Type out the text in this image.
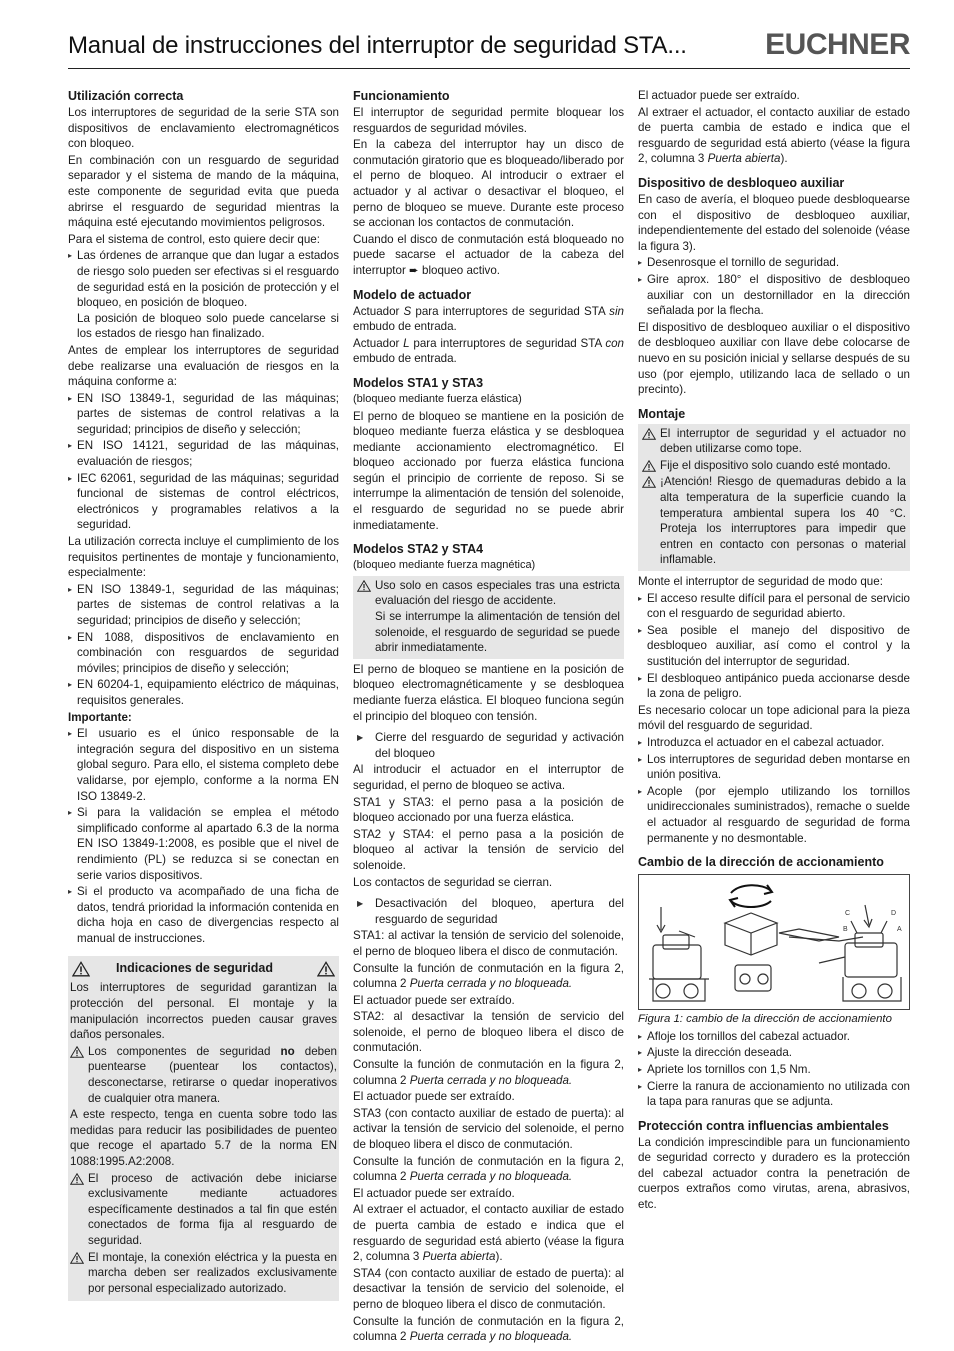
Manual de instrucciones del interruptor de seguridad STA...	EUCHNER
Utilización correcta

Los interruptores de seguridad de la serie STA son dispositivos de enclavamiento electromagnéticos con bloqueo.

En combinación con un resguardo de seguridad separador y el sistema de mando de la máquina, este componente de seguridad evita que pueda abrirse el resguardo de seguridad mientras la máquina esté ejecutando movimientos peligrosos.

Para el sistema de control, esto quiere decir que:

▸ Las órdenes de arranque que dan lugar a estados de riesgo solo pueden ser efectivas si el resguardo de seguridad está en la posición de protección y el bloqueo, en posición de bloqueo.
La posición de bloqueo solo puede cancelarse si los estados de riesgo han finalizado.

Antes de emplear los interruptores de seguridad debe realizarse una evaluación de riesgos en la máquina conforme a:

▸ EN ISO 13849-1, seguridad de las máquinas; partes de sistemas de control relativas a la seguridad; principios de diseño y selección;
▸ EN ISO 14121, seguridad de las máquinas, evaluación de riesgos;
▸ IEC 62061, seguridad de las máquinas; seguridad funcional de sistemas de control eléctricos, electrónicos y programables relativos a la seguridad.

La utilización correcta incluye el cumplimiento de los requisitos pertinentes de montaje y funcionamiento, especialmente:

▸ EN ISO 13849-1, seguridad de las máquinas; partes de sistemas de control relativas a la seguridad; principios de diseño y selección;
▸ EN 1088, dispositivos de enclavamiento en combinación con resguardos de seguridad móviles; principios de diseño y selección;
▸ EN 60204-1, equipamiento eléctrico de máquinas, requisitos generales.

Importante:

▸ El usuario es el único responsable de la integración segura del dispositivo en un sistema global seguro. Para ello, el sistema completo debe validarse, por ejemplo, conforme a la norma EN ISO 13849-2.
▸ Si para la validación se emplea el método simplificado conforme al apartado 6.3 de la norma EN ISO 13849-1:2008, es posible que el nivel de rendimiento (PL) se reduzca si se conectan en serie varios dispositivos.
▸ Si el producto va acompañado de una ficha de datos, tendrá prioridad la información contenida en dicha hoja en caso de divergencias respecto al manual de instrucciones.
Indicaciones de seguridad

Los interruptores de seguridad garantizan la protección del personal. El montaje y la manipulación incorrectos pueden causar graves daños personales.

Los componentes de seguridad no deben puentearse (puentear los contactos), desconectarse, retirarse o quedar inoperativos de cualquier otra manera.

A este respecto, tenga en cuenta sobre todo las medidas para reducir las posibilidades de puenteo que recoge el apartado 5.7 de la norma EN 1088:1995.A2:2008.

El proceso de activación debe iniciarse exclusivamente mediante actuadores específicamente destinados a tal fin que estén conectados de forma fija al resguardo de seguridad.
El montaje, la conexión eléctrica y la puesta en marcha deben ser realizados exclusivamente por personal especializado autorizado.
Funcionamiento

El interruptor de seguridad permite bloquear los resguardos de seguridad móviles.

En la cabeza del interruptor hay un disco de conmutación giratorio que es bloqueado/liberado por el perno de bloqueo. Al introducir o extraer el actuador y al activar o desactivar el bloqueo, el perno de bloqueo se mueve. Durante este proceso se accionan los contactos de conmutación.

Cuando el disco de conmutación está bloqueado no puede sacarse el actuador de la cabeza del interruptor ➨ bloqueo activo.

Modelo de actuador

Actuador S para interruptores de seguridad STA sin embudo de entrada.

Actuador L para interruptores de seguridad STA con embudo de entrada.

Modelos STA1 y STA3

(bloqueo mediante fuerza elástica)

El perno de bloqueo se mantiene en la posición de bloqueo mediante fuerza elástica y se desbloquea mediante accionamiento electromagnético. El bloqueo accionado por fuerza elástica funciona según el principio de corriente de reposo. Si se interrumpe la alimentación de tensión del solenoide, el resguardo de seguridad no se puede abrir inmediatamente.

Modelos STA2 y STA4

(bloqueo mediante fuerza magnética)

Uso solo en casos especiales tras una estricta evaluación del riesgo de accidente.
Si se interrumpe la alimentación de tensión del solenoide, el resguardo de seguridad se puede abrir inmediatamente.

El perno de bloqueo se mantiene en la posición de bloqueo electromagnéticamente y se desbloquea mediante fuerza elástica. El bloqueo funciona según el principio del bloqueo con tensión.

▶ Cierre del resguardo de seguridad y activación del bloqueo

Al introducir el actuador en el interruptor de seguridad, el perno de bloqueo se activa.

STA1 y STA3: el perno pasa a la posición de bloqueo accionado por una fuerza elástica.

STA2 y STA4: el perno pasa a la posición de bloqueo al activar la tensión de servicio del solenoide.

Los contactos de seguridad se cierran.

▶ Desactivación del bloqueo, apertura del resguardo de seguridad

STA1: al activar la tensión de servicio del solenoide, el perno de bloqueo libera el disco de conmutación.

Consulte la función de conmutación en la figura 2, columna 2 Puerta cerrada y no bloqueada.

El actuador puede ser extraído.

STA2: al desactivar la tensión de servicio del solenoide, el perno de bloqueo libera el disco de conmutación.

Consulte la función de conmutación en la figura 2, columna 2 Puerta cerrada y no bloqueada.

El actuador puede ser extraído.

STA3 (con contacto auxiliar de estado de puerta): al activar la tensión de servicio del solenoide, el perno de bloqueo libera el disco de conmutación.

Consulte la función de conmutación en la figura 2, columna 2 Puerta cerrada y no bloqueada.

El actuador puede ser extraído.

Al extraer el actuador, el contacto auxiliar de estado de puerta cambia de estado e indica que el resguardo de seguridad está abierto (véase la figura 2, columna 3 Puerta abierta).

STA4 (con contacto auxiliar de estado de puerta): al desactivar la tensión de servicio del solenoide, el perno de bloqueo libera el disco de conmutación.

Consulte la función de conmutación en la figura 2, columna 2 Puerta cerrada y no bloqueada.

El actuador puede ser extraído.

Al extraer el actuador, el contacto auxiliar de estado de puerta cambia de estado e indica que el resguardo de seguridad está abierto (véase la figura 2, columna 3 Puerta abierta).

Dispositivo de desbloqueo auxiliar

En caso de avería, el bloqueo puede desbloquearse con el dispositivo de desbloqueo auxiliar, independientemente del estado del solenoide (véase la figura 3).

▸ Desenrosque el tornillo de seguridad.
▸ Gire aprox. 180° el dispositivo de desbloqueo auxiliar con un destornillador en la dirección señalada por la flecha.

El dispositivo de desbloqueo auxiliar o el dispositivo de desbloqueo auxiliar con llave debe colocarse de nuevo en su posición inicial y sellarse después de su uso (por ejemplo, utilizando laca de sellado o un precinto).

Montaje
El interruptor de seguridad y el actuador no deben utilizarse como tope.
Fije el dispositivo solo cuando esté montado.
¡Atención! Riesgo de quemaduras debido a la alta temperatura de la superficie cuando la temperatura ambiental supera los 40 °C. Proteja los interruptores para impedir que entren en contacto con personas o material inflamable.

Monte el interruptor de seguridad de modo que:

▸ El acceso resulte difícil para el personal de servicio con el resguardo de seguridad abierto.
▸ Sea posible el manejo del dispositivo de desbloqueo auxiliar, así como el control y la sustitución del interruptor de seguridad.
▸ El desbloqueo antipánico pueda accionarse desde la zona de peligro.

Es necesario colocar un tope adicional para la pieza móvil del resguardo de seguridad.

▸ Introduzca el actuador en el cabezal actuador.
▸ Los interruptores de seguridad deben montarse en unión positiva.
▸ Acople (por ejemplo utilizando los tornillos unidireccionales suministrados), remache o suelde el actuador al resguardo de seguridad de forma permanente y no desmontable.
Cambio de la dirección de accionamiento
C	D
B	A

Figura 1: cambio de la dirección de accionamiento

▸ Afloje los tornillos del cabezal actuador.
▸ Ajuste la dirección deseada.
▸ Apriete los tornillos con 1,5 Nm.
▸ Cierre la ranura de accionamiento no utilizada con la tapa para ranuras que se adjunta.
Protección contra influencias ambientales

La condición imprescindible para un funcionamiento de seguridad correcto y duradero es la protección del cabezal actuador contra la penetración de cuerpos extraños como virutas, arena, abrasivos, etc.
